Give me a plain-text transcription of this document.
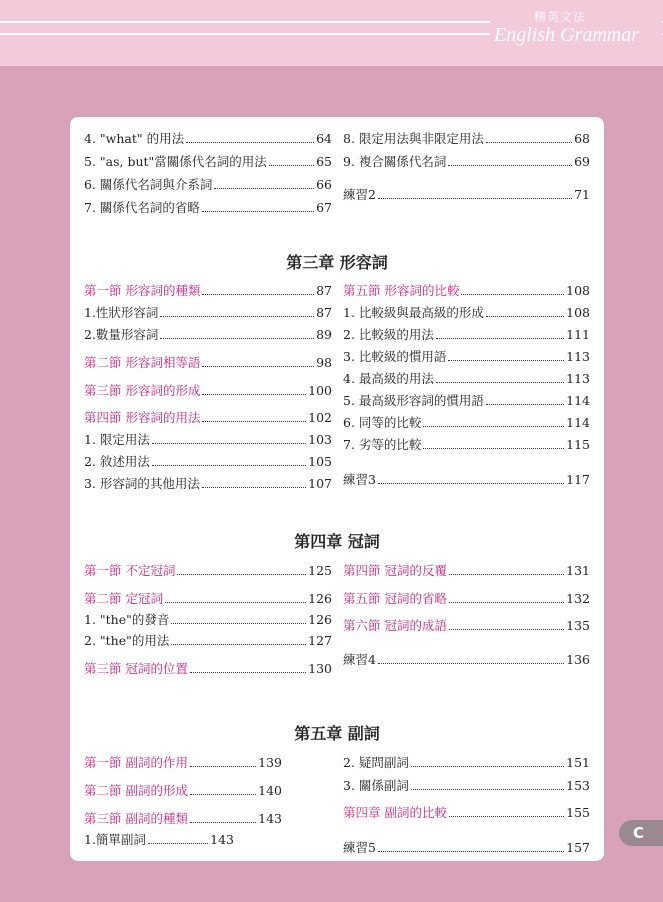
精英文法
English Grammar
4. "what" 的用法	64
5. "as, but"當關係代名詞的用法	65
6. 關係代名詞與介系詞	66
7. 關係代名詞的省略	67
8. 限定用法與非限定用法	68
9. 複合關係代名詞	69
練習2	71
第三章 形容詞
第一節 形容詞的種類	87
1.性狀形容詞	87
2.數量形容詞	89
第二節 形容詞相等語	98
第三節 形容詞的形成	100
第四節 形容詞的用法	102
1. 限定用法	103
2. 敘述用法	105
3. 形容詞的其他用法	107
第五節 形容詞的比較	108
1. 比較級與最高級的形成	108
2. 比較級的用法	111
3. 比較級的慣用語	113
4. 最高級的用法	113
5. 最高級形容詞的慣用語	114
6. 同等的比較	114
7. 劣等的比較	115
練習3	117
第四章 冠詞
第一節 不定冠詞	125
第二節 定冠詞	126
1. "the"的發音	126
2. "the"的用法	127
第三節 冠詞的位置	130
第四節 冠詞的反覆	131
第五節 冠詞的省略	132
第六節 冠詞的成語	135
練習4	136
第五章 副詞
第一節 副詞的作用	139
第二節 副詞的形成	140
第三節 副詞的種類	143
1.簡單副詞	143
2. 疑問副詞	151
3. 關係副詞	153
第四章 副詞的比較	155
練習5	157
C
